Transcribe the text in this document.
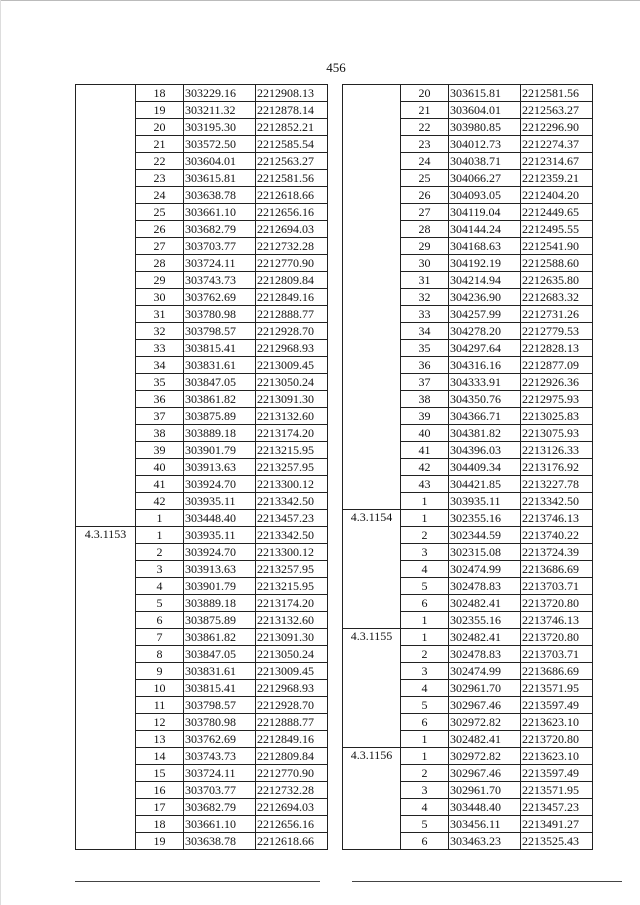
456
	18	303229.16	2212908.13
	19	303211.32	2212878.14
	20	303195.30	2212852.21
	21	303572.50	2212585.54
	22	303604.01	2212563.27
	23	303615.81	2212581.56
	24	303638.78	2212618.66
	25	303661.10	2212656.16
	26	303682.79	2212694.03
	27	303703.77	2212732.28
	28	303724.11	2212770.90
	29	303743.73	2212809.84
	30	303762.69	2212849.16
	31	303780.98	2212888.77
	32	303798.57	2212928.70
	33	303815.41	2212968.93
	34	303831.61	2213009.45
	35	303847.05	2213050.24
	36	303861.82	2213091.30
	37	303875.89	2213132.60
	38	303889.18	2213174.20
	39	303901.79	2213215.95
	40	303913.63	2213257.95
	41	303924.70	2213300.12
	42	303935.11	2213342.50
	1	303448.40	2213457.23
4.3.1153	1	303935.11	2213342.50
	2	303924.70	2213300.12
	3	303913.63	2213257.95
	4	303901.79	2213215.95
	5	303889.18	2213174.20
	6	303875.89	2213132.60
	7	303861.82	2213091.30
	8	303847.05	2213050.24
	9	303831.61	2213009.45
	10	303815.41	2212968.93
	11	303798.57	2212928.70
	12	303780.98	2212888.77
	13	303762.69	2212849.16
	14	303743.73	2212809.84
	15	303724.11	2212770.90
	16	303703.77	2212732.28
	17	303682.79	2212694.03
	18	303661.10	2212656.16
	19	303638.78	2212618.66
	20	303615.81	2212581.56
	21	303604.01	2212563.27
	22	303980.85	2212296.90
	23	304012.73	2212274.37
	24	304038.71	2212314.67
	25	304066.27	2212359.21
	26	304093.05	2212404.20
	27	304119.04	2212449.65
	28	304144.24	2212495.55
	29	304168.63	2212541.90
	30	304192.19	2212588.60
	31	304214.94	2212635.80
	32	304236.90	2212683.32
	33	304257.99	2212731.26
	34	304278.20	2212779.53
	35	304297.64	2212828.13
	36	304316.16	2212877.09
	37	304333.91	2212926.36
	38	304350.76	2212975.93
	39	304366.71	2213025.83
	40	304381.82	2213075.93
	41	304396.03	2213126.33
	42	304409.34	2213176.92
	43	304421.85	2213227.78
	1	303935.11	2213342.50
4.3.1154	1	302355.16	2213746.13
	2	302344.59	2213740.22
	3	302315.08	2213724.39
	4	302474.99	2213686.69
	5	302478.83	2213703.71
	6	302482.41	2213720.80
	1	302355.16	2213746.13
4.3.1155	1	302482.41	2213720.80
	2	302478.83	2213703.71
	3	302474.99	2213686.69
	4	302961.70	2213571.95
	5	302967.46	2213597.49
	6	302972.82	2213623.10
	1	302482.41	2213720.80
4.3.1156	1	302972.82	2213623.10
	2	302967.46	2213597.49
	3	302961.70	2213571.95
	4	303448.40	2213457.23
	5	303456.11	2213491.27
	6	303463.23	2213525.43
